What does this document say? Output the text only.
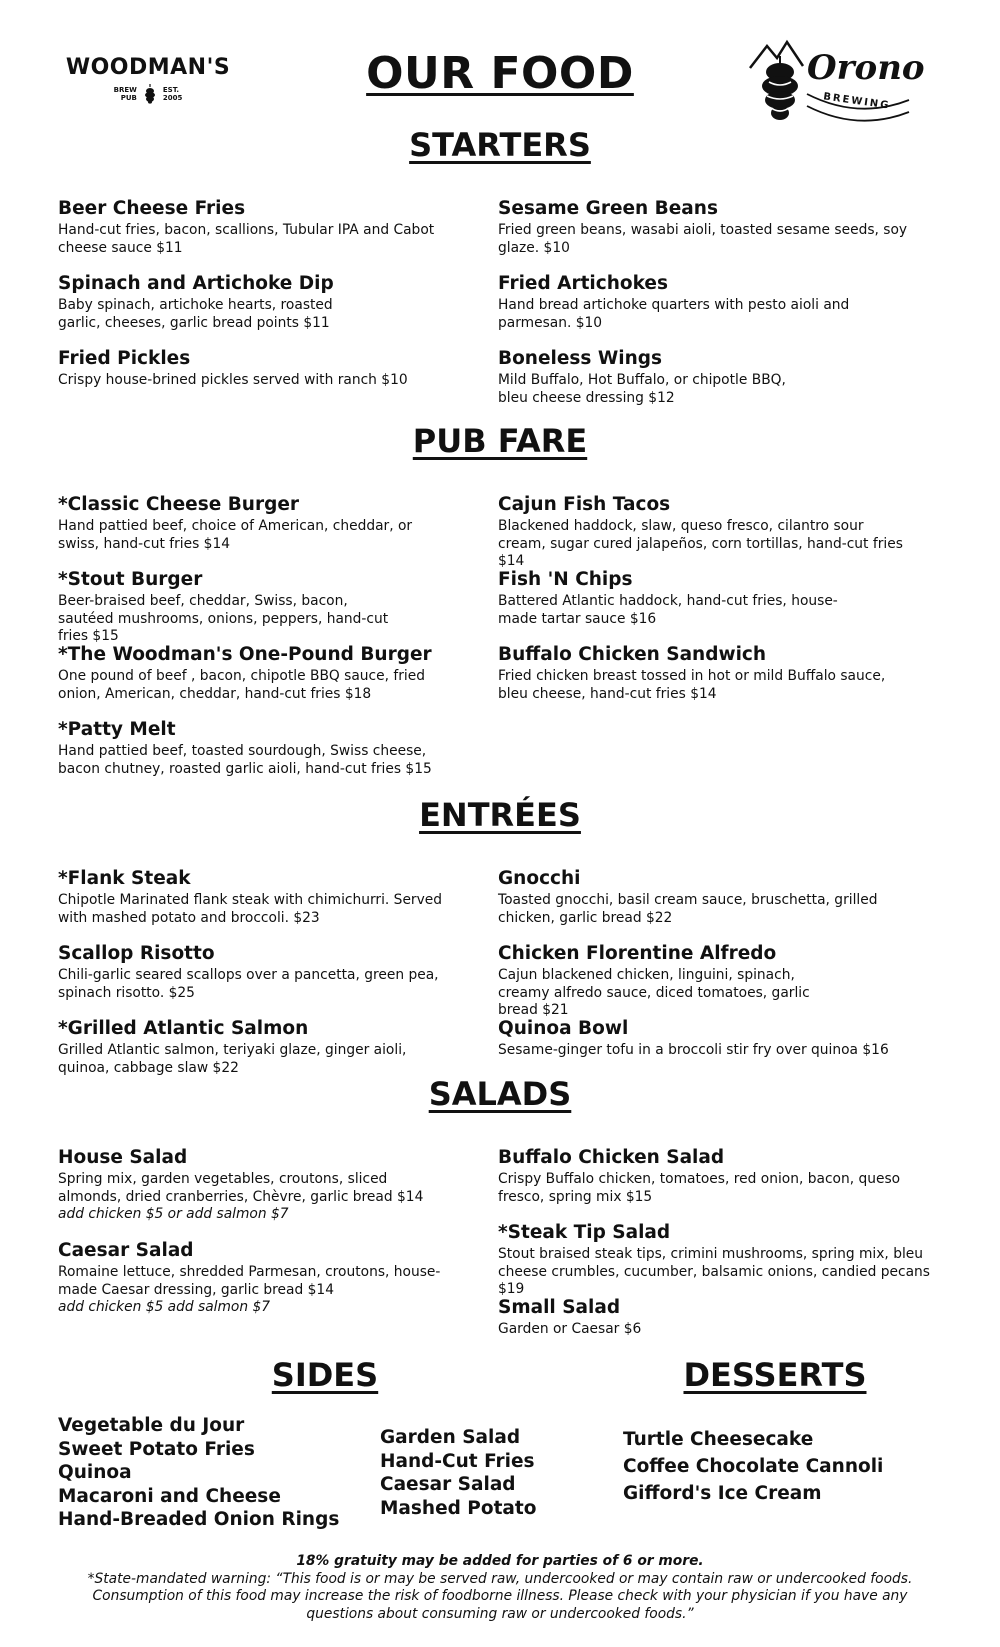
WOODMAN'S
BREW
PUB
EST.
2005	OUR FOOD	Orono
BREWING
STARTERS
Beer Cheese Fries
Hand-cut fries, bacon, scallions, Tubular IPA and Cabot cheese sauce $11
Sesame Green Beans
Fried green beans, wasabi aioli, toasted sesame seeds, soy glaze. $10
Spinach and Artichoke Dip
Baby spinach, artichoke hearts, roasted garlic, cheeses, garlic bread points $11
Fried Artichokes
Hand bread artichoke quarters with pesto aioli and parmesan. $10
Fried Pickles
Crispy house-brined pickles served with ranch $10
Boneless Wings
Mild Buffalo, Hot Buffalo, or chipotle BBQ, bleu cheese dressing $12
PUB FARE
*Classic Cheese Burger
Hand pattied beef, choice of American, cheddar, or swiss, hand-cut fries $14
Cajun Fish Tacos
Blackened haddock, slaw, queso fresco, cilantro sour cream, sugar cured jalapeños, corn tortillas, hand-cut fries $14
*Stout Burger
Beer-braised beef, cheddar, Swiss, bacon, sautéed mushrooms, onions, peppers, hand-cut fries $15
Fish 'N Chips
Battered Atlantic haddock, hand-cut fries, house-made tartar sauce $16
*The Woodman's One-Pound Burger
One pound of beef , bacon, chipotle BBQ sauce, fried onion, American, cheddar, hand-cut fries $18
Buffalo Chicken Sandwich
Fried chicken breast tossed in hot or mild Buffalo sauce, bleu cheese, hand-cut fries $14
*Patty Melt
Hand pattied beef, toasted sourdough, Swiss cheese, bacon chutney, roasted garlic aioli, hand-cut fries $15
ENTRÉES
*Flank Steak
Chipotle Marinated flank steak with chimichurri. Served with mashed potato and broccoli. $23
Gnocchi
Toasted gnocchi, basil cream sauce, bruschetta, grilled chicken, garlic bread $22
Scallop Risotto
Chili-garlic seared scallops over a pancetta, green pea, spinach risotto. $25
Chicken Florentine Alfredo
Cajun blackened chicken, linguini, spinach, creamy alfredo sauce, diced tomatoes, garlic bread $21
*Grilled Atlantic Salmon
Grilled Atlantic salmon, teriyaki glaze, ginger aioli, quinoa, cabbage slaw $22
Quinoa Bowl
Sesame-ginger tofu in a broccoli stir fry over quinoa $16
SALADS
House Salad
Spring mix, garden vegetables, croutons, sliced almonds, dried cranberries, Chèvre, garlic bread $14
add chicken $5 or add salmon $7
Buffalo Chicken Salad
Crispy Buffalo chicken, tomatoes, red onion, bacon, queso fresco, spring mix $15
*Steak Tip Salad
Stout braised steak tips, crimini mushrooms, spring mix, bleu cheese crumbles, cucumber, balsamic onions, candied pecans $19
Caesar Salad
Romaine lettuce, shredded Parmesan, croutons, house-made Caesar dressing, garlic bread $14
add chicken $5 add salmon $7	Small Salad
Garden or Caesar $6
SIDES	DESSERTS
Vegetable du Jour
Sweet Potato Fries
Quinoa
Macaroni and Cheese
Hand-Breaded Onion Rings
Garden Salad
Hand-Cut Fries
Caesar Salad
Mashed Potato
Turtle Cheesecake
Coffee Chocolate Cannoli
Gifford's Ice Cream
18% gratuity may be added for parties of 6 or more.
*State-mandated warning: “This food is or may be served raw, undercooked or may contain raw or undercooked foods.
Consumption of this food may increase the risk of foodborne illness. Please check with your physician if you have any
questions about consuming raw or undercooked foods.”
